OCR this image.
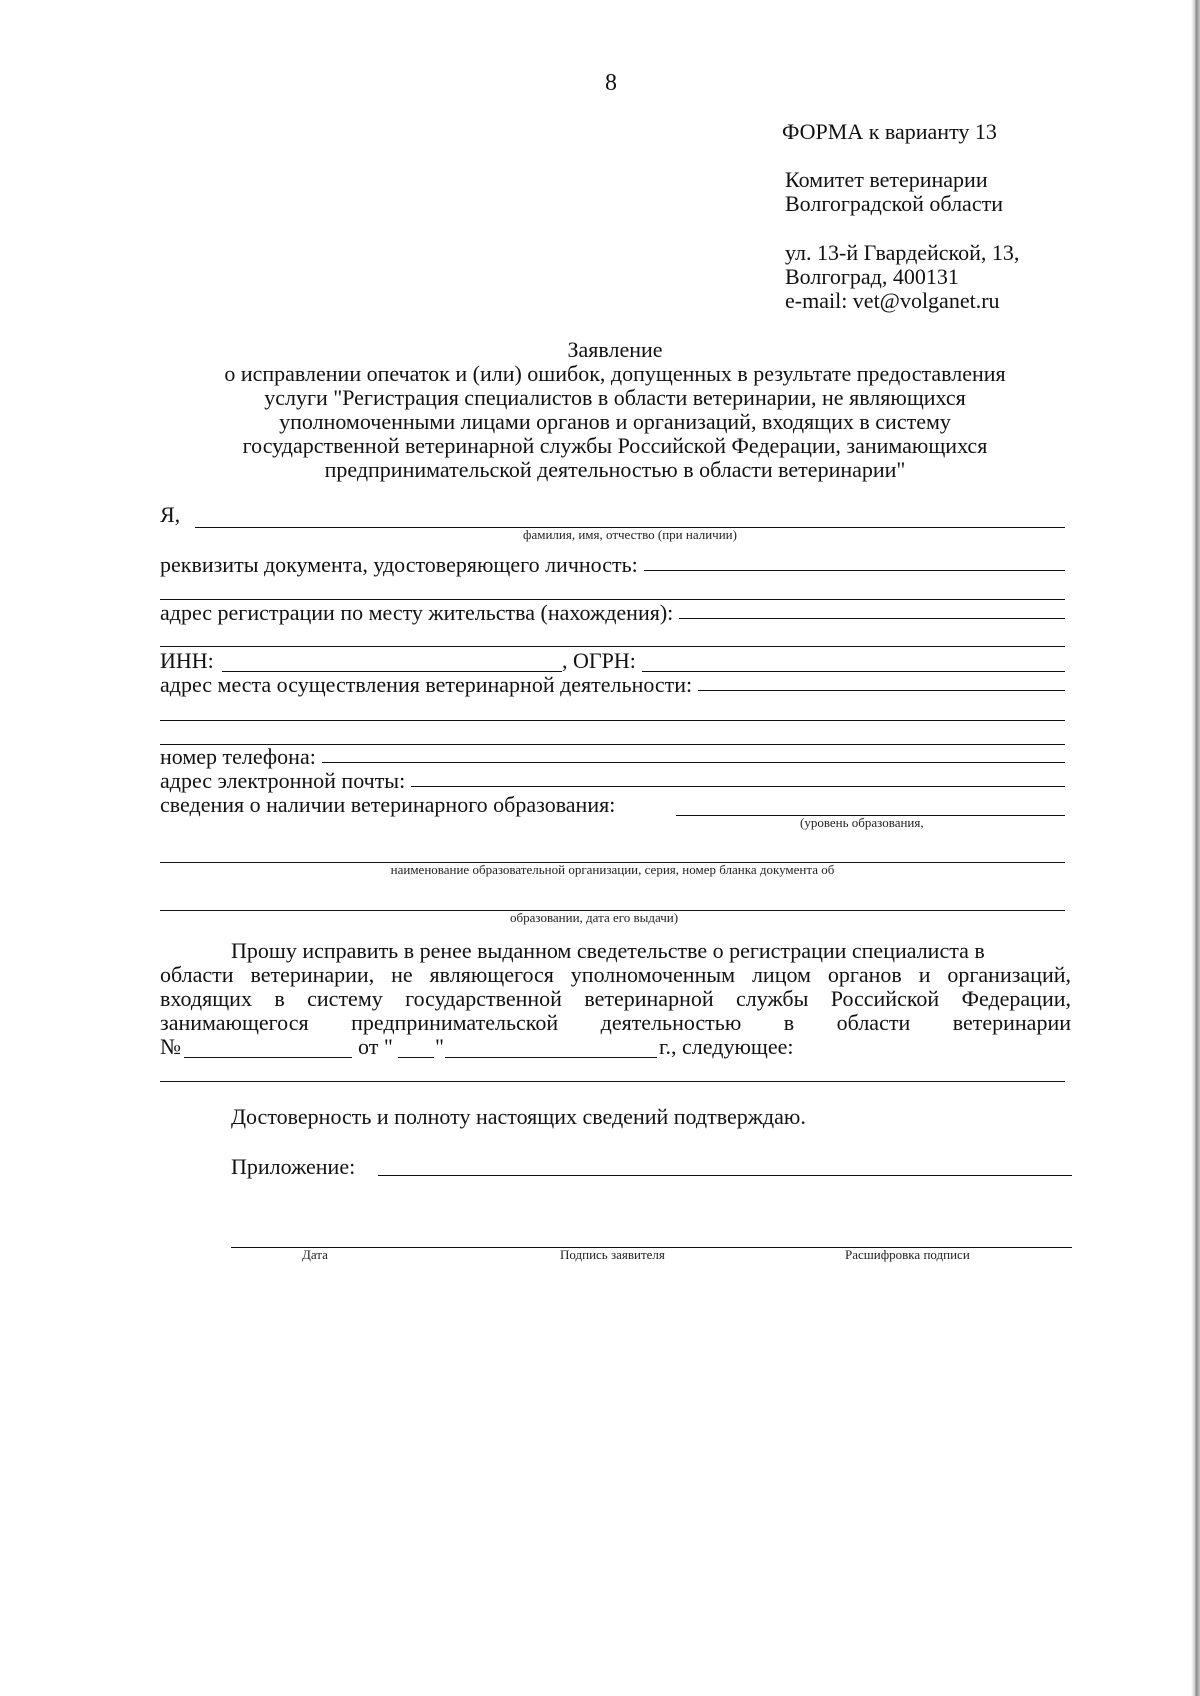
8
ФОРМА к варианту 13
Комитет ветеринарии
Волгоградской области
ул. 13-й Гвардейской, 13,
Волгоград, 400131
e-mail: vet@volganet.ru
Заявление
о исправлении опечаток и (или) ошибок, допущенных в результате предоставления
услуги "Регистрация специалистов в области ветеринарии, не являющихся
уполномоченными лицами органов и организаций, входящих в систему
государственной ветеринарной службы Российской Федерации, занимающихся
предпринимательской деятельностью в области ветеринарии"
Я,
фамилия, имя, отчество (при наличии)
реквизиты документа, удостоверяющего личность:
адрес регистрации по месту жительства (нахождения):
ИНН:	, ОГРН:
адрес места осуществления ветеринарной деятельности:
номер телефона:
адрес электронной почты:
сведения о наличии ветеринарного образования:
(уровень образования,
наименование образовательной организации, серия, номер бланка документа об
образовании, дата его выдачи)
Прошу исправить в ренее выданном сведетельстве о регистрации специалиста в
области ветеринарии, не являющегося уполномоченным лицом органов и организаций,
входящих в систему государственной ветеринарной службы Российской Федерации,
занимающегося предпринимательской деятельностью в области ветеринарии
№	от " "	г., следующее:
Достоверность и полноту настоящих сведений подтверждаю.
Приложение:
Дата	Подпись заявителя	Расшифровка подписи
